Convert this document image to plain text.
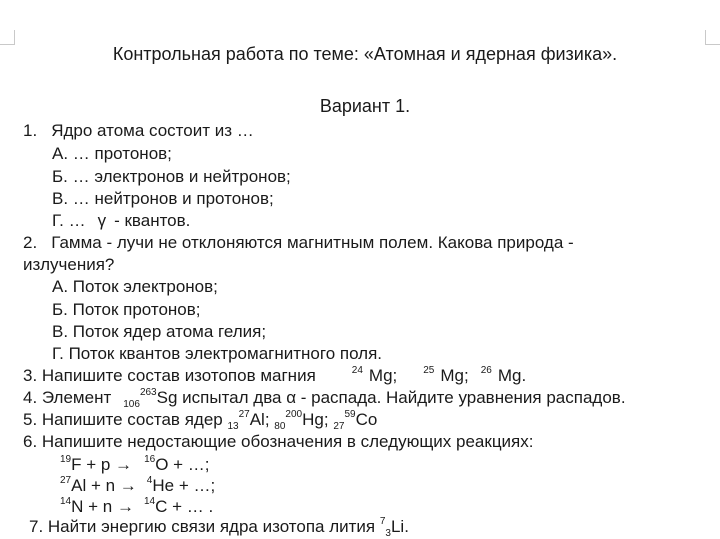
Контрольная работа по теме: «Атомная и ядерная физика».
Вариант 1.
1. Ядро атома состоит из …
А. … протонов;
Б. … электронов и нейтронов;
В. … нейтронов и протонов;
Г. … γ - квантов.
2. Гамма - лучи не отклоняются магнитным полем. Какова природа -
излучения?
А. Поток электронов;
Б. Поток протонов;
В. Поток ядер атома гелия;
Г. Поток квантов электромагнитного поля.
3. Напишите состав изотопов магния	$^{24}$ Mg;	$^{25}$ Mg; $^{26}$ Mg.
4. Элемент $_{106}^{263}$Sg испытал два α - распада. Найдите уравнения распадов.
5. Напишите состав ядер $_{13}^{27}$Al; $_{80}^{200}$Hg; $_{27}^{59}$Co
6. Напишите недостающие обозначения в следующих реакциях:
$^{19}$F + p → $^{16}$O + …;
$^{27}$Al + n → $^4$He + …;
$^{14}$N + n → $^{14}$C + … .
7. Найти энергию связи ядра изотопа лития $^7_3$Li.
